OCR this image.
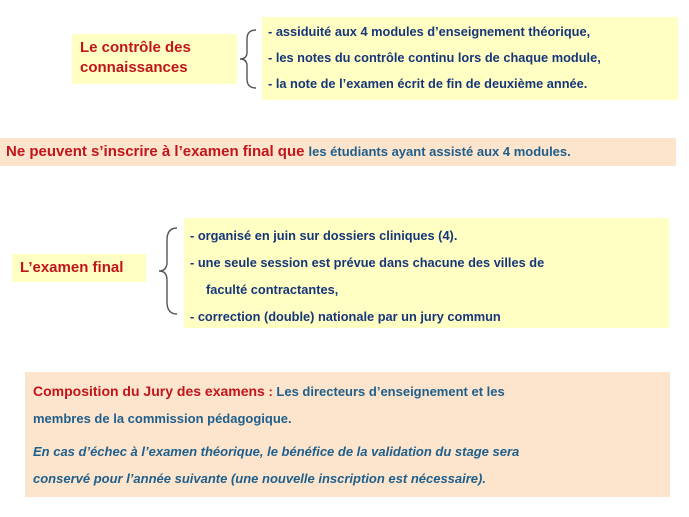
Le contrôle des
connaissances
- assiduité aux 4 modules d’enseignement théorique,
- les notes du contrôle continu lors de chaque module,
- la note de l’examen écrit de fin de deuxième année.
Ne peuvent s’inscrire à l’examen final que les étudiants ayant assisté aux 4 modules.
L’examen final
- organisé en juin sur dossiers cliniques (4).
- une seule session est prévue dans chacune des villes de
faculté contractantes,
- correction (double) nationale par un jury commun
Composition du Jury des examens : Les directeurs d’enseignement et les
membres de la commission pédagogique.
En cas d’échec à l’examen théorique, le bénéfice de la validation du stage sera
conservé pour l’année suivante (une nouvelle inscription est nécessaire).
